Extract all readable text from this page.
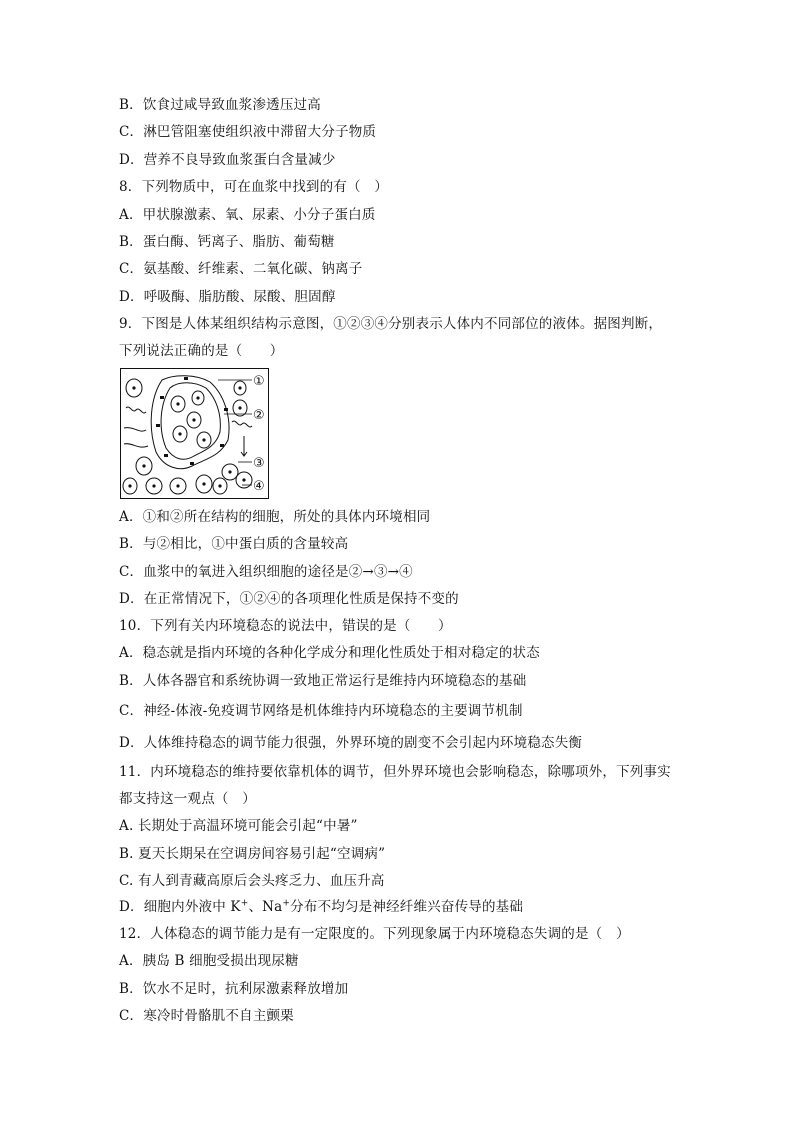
B．饮食过咸导致血浆渗透压过高
C．淋巴管阻塞使组织液中滞留大分子物质
D．营养不良导致血浆蛋白含量减少
8．下列物质中，可在血浆中找到的有（　）
A．甲状腺激素、氧、尿素、小分子蛋白质
B．蛋白酶、钙离子、脂肪、葡萄糖
C．氨基酸、纤维素、二氧化碳、钠离子
D．呼吸酶、脂肪酸、尿酸、胆固醇
9．下图是人体某组织结构示意图，①②③④分别表示人体内不同部位的液体。据图判断，
下列说法正确的是（　　）
①
②
③
④
A．①和②所在结构的细胞，所处的具体内环境相同
B．与②相比，①中蛋白质的含量较高
C．血浆中的氧进入组织细胞的途径是②→③→④
D．在正常情况下，①②④的各项理化性质是保持不变的
10．下列有关内环境稳态的说法中，错误的是（　　）
A．稳态就是指内环境的各种化学成分和理化性质处于相对稳定的状态
B．人体各器官和系统协调一致地正常运行是维持内环境稳态的基础
C．神经-体液-免疫调节网络是机体维持内环境稳态的主要调节机制
D．人体维持稳态的调节能力很强，外界环境的剧变不会引起内环境稳态失衡
11．内环境稳态的维持要依靠机体的调节，但外界环境也会影响稳态，除哪项外，下列事实
都支持这一观点（　）
A. 长期处于高温环境可能会引起“中暑”
B. 夏天长期呆在空调房间容易引起“空调病”
C. 有人到青藏高原后会头疼乏力、血压升高
D．细胞内外液中 K+、Na+分布不均匀是神经纤维兴奋传导的基础
12．人体稳态的调节能力是有一定限度的。下列现象属于内环境稳态失调的是（　）
A．胰岛 B 细胞受损出现尿糖
B．饮水不足时，抗利尿激素释放增加
C．寒冷时骨骼肌不自主颤栗
